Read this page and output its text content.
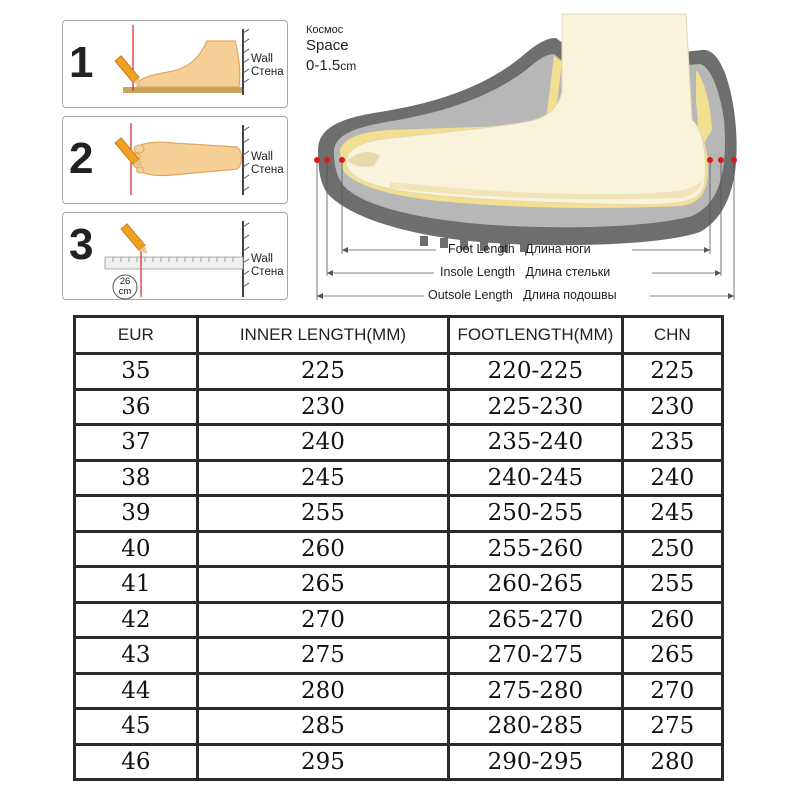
1	Wall
Стена
2	Wall
Стена
3
26
cm
Wall
Стена
Космос
Space
0-1.5cm
Foot Length Длина ноги
Insole Length Длина стельки
Outsole Length Длина подошвы
EUR	INNER LENGTH(MM)	FOOTLENGTH(MM)	CHN
35	225	220-225	225
36	230	225-230	230
37	240	235-240	235
38	245	240-245	240
39	255	250-255	245
40	260	255-260	250
41	265	260-265	255
42	270	265-270	260
43	275	270-275	265
44	280	275-280	270
45	285	280-285	275
46	295	290-295	280
